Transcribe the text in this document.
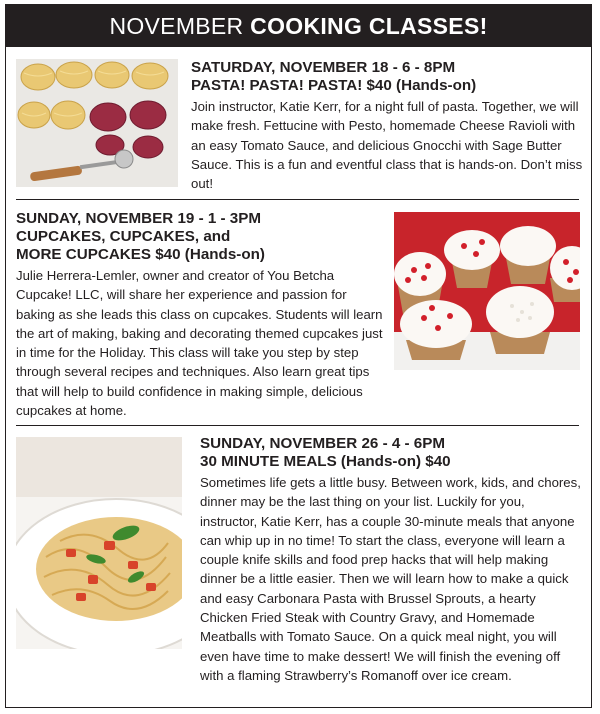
NOVEMBER COOKING CLASSES!

SATURDAY, NOVEMBER 18 - 6 - 8PM

PASTA! PASTA! PASTA! $40 (Hands-on)

Join instructor, Katie Kerr, for a night full of pasta. Together, we will make fresh. Fettucine with Pesto, homemade Cheese Ravioli with an easy Tomato Sauce, and delicious Gnocchi with Sage Butter Sauce. This is a fun and eventful class that is hands-on. Don’t miss out!

SUNDAY, NOVEMBER 19 - 1 - 3PM

CUPCAKES, CUPCAKES, and

MORE CUPCAKES $40 (Hands-on)

Julie Herrera-Lemler, owner and creator of You Betcha Cupcake! LLC, will share her experience and passion for baking as she leads this class on cupcakes. Students will learn the art of making, baking and decorating themed cupcakes just in time for the Holiday. This class will take you step by step through several recipes and techniques. Also learn great tips that will help to build confidence in making simple, delicious cupcakes at home.

SUNDAY, NOVEMBER 26 - 4 - 6PM

30 MINUTE MEALS (Hands-on) $40

Sometimes life gets a little busy. Between work, kids, and chores, dinner may be the last thing on your list. Luckily for you, instructor, Katie Kerr, has a couple 30-minute meals that anyone can whip up in no time! To start the class, everyone will learn a couple knife skills and food prep hacks that will help making dinner be a little easier. Then we will learn how to make a quick and easy Carbonara Pasta with Brussel Sprouts, a hearty Chicken Fried Steak with Country Gravy, and Homemade Meatballs with Tomato Sauce. On a quick meal night, you will even have time to make dessert! We will finish the evening off with a flaming Strawberry’s Romanoff over ice cream.
